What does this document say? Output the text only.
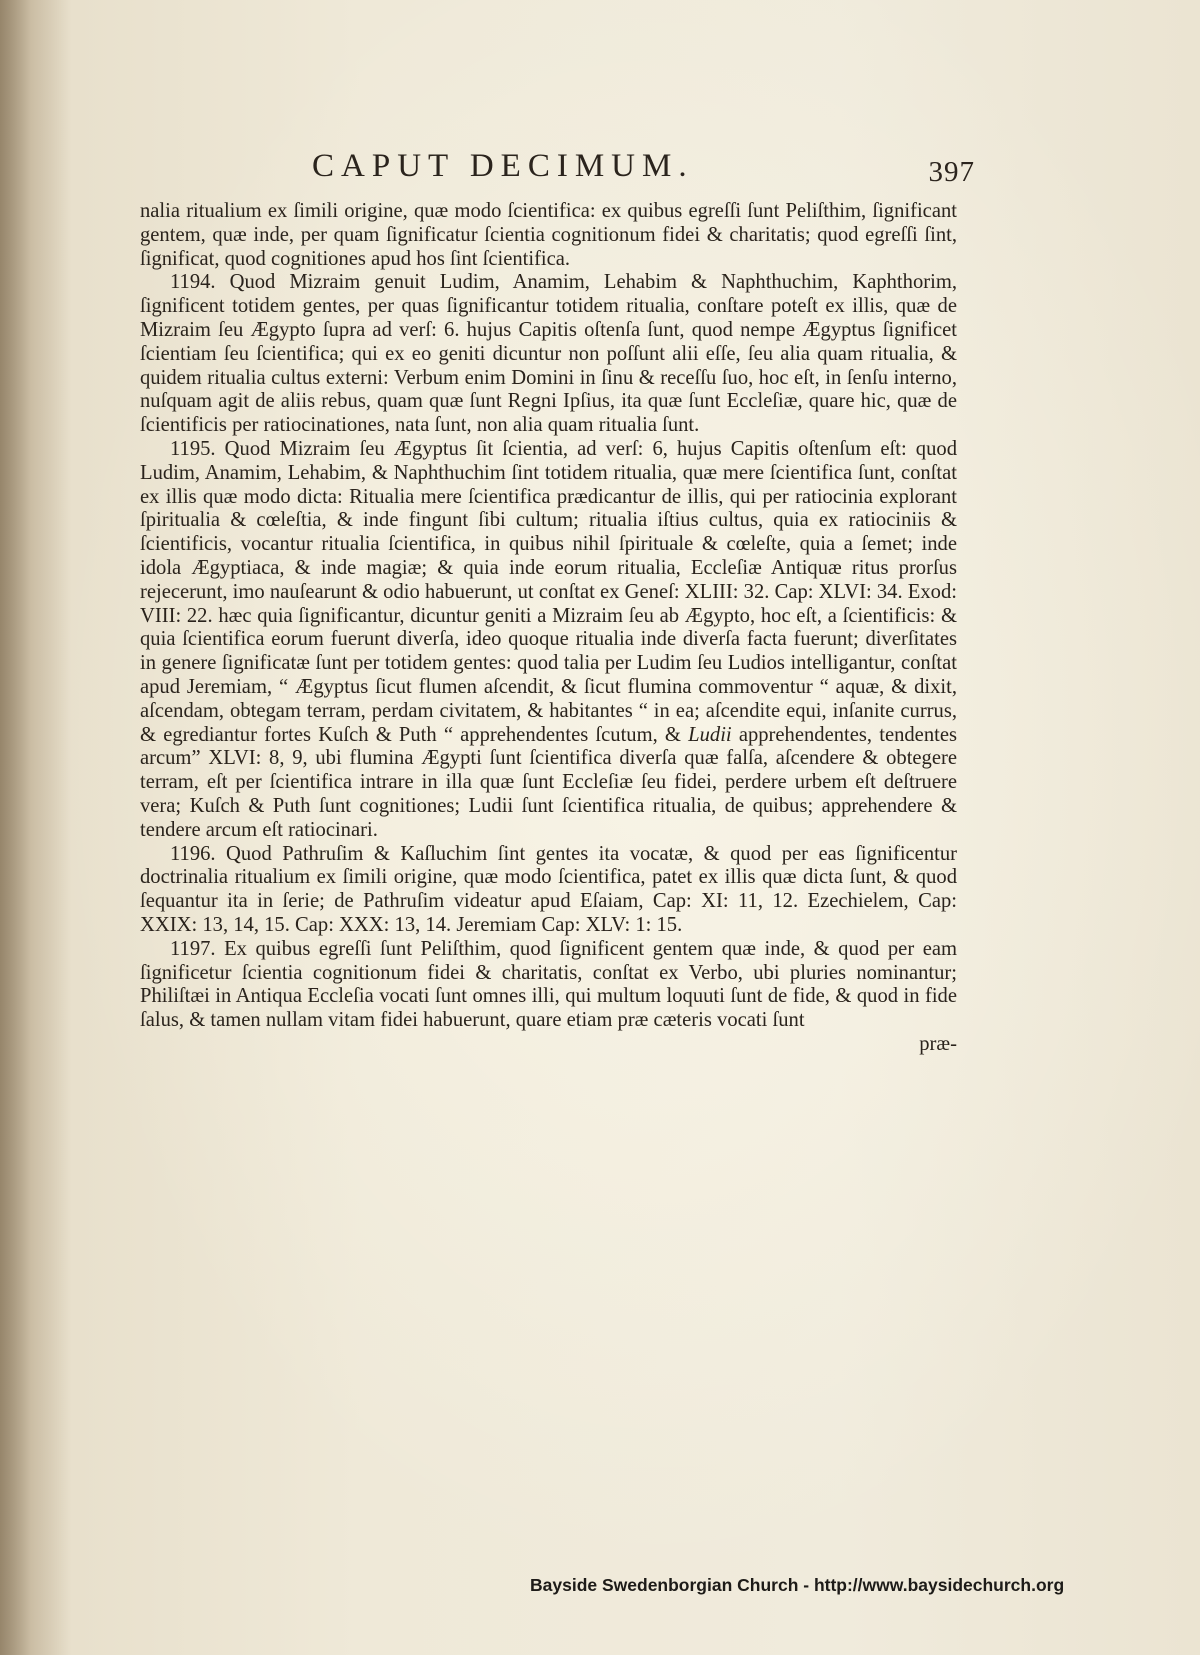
CAPUT DECIMUM.	397

nalia ritualium ex ſimili origine, quæ modo ſcientifica: ex quibus egreſſi ſunt Peliſthim, ſignificant gentem, quæ inde, per quam ſignificatur ſcientia cognitionum fidei & charitatis; quod egreſſi ſint, ſignificat, quod cognitiones apud hos ſint ſcientifica.

1194. Quod Mizraim genuit Ludim, Anamim, Lehabim & Naphthuchim, Kaphthorim, ſignificent totidem gentes, per quas ſignificantur totidem ritualia, conſtare poteſt ex illis, quæ de Mizraim ſeu Ægypto ſupra ad verſ: 6. hujus Capitis oſtenſa ſunt, quod nempe Ægyptus ſignificet ſcientiam ſeu ſcientifica; qui ex eo geniti dicuntur non poſſunt alii eſſe, ſeu alia quam ritualia, & quidem ritualia cultus externi: Verbum enim Domini in ſinu & receſſu ſuo, hoc eſt, in ſenſu interno, nuſquam agit de aliis rebus, quam quæ ſunt Regni Ipſius, ita quæ ſunt Eccleſiæ, quare hic, quæ de ſcientificis per ratiocinationes, nata ſunt, non alia quam ritualia ſunt.

1195. Quod Mizraim ſeu Ægyptus ſit ſcientia, ad verſ: 6, hujus Capitis oſtenſum eſt: quod Ludim, Anamim, Lehabim, & Naphthuchim ſint totidem ritualia, quæ mere ſcientifica ſunt, conſtat ex illis quæ modo dicta: Ritualia mere ſcientifica prædicantur de illis, qui per ratiocinia explorant ſpiritualia & cœleſtia, & inde fingunt ſibi cultum; ritualia iſtius cultus, quia ex ratiociniis & ſcientificis, vocantur ritualia ſcientifica, in quibus nihil ſpirituale & cœleſte, quia a ſemet; inde idola Ægyptiaca, & inde magiæ; & quia inde eorum ritualia, Eccleſiæ Antiquæ ritus prorſus rejecerunt, imo nauſearunt & odio habuerunt, ut conſtat ex Geneſ: XLIII: 32. Cap: XLVI: 34. Exod: VIII: 22. hæc quia ſignificantur, dicuntur geniti a Mizraim ſeu ab Ægypto, hoc eſt, a ſcientificis: & quia ſcientifica eorum fuerunt diverſa, ideo quoque ritualia inde diverſa facta fuerunt; diverſitates in genere ſignificatæ ſunt per totidem gentes: quod talia per Ludim ſeu Ludios intelligantur, conſtat apud Jeremiam, “ Ægyptus ſicut flumen aſcendit, & ſicut flumina commoventur “ aquæ, & dixit, aſcendam, obtegam terram, perdam civitatem, & habitantes “ in ea; aſcendite equi, inſanite currus, & egrediantur fortes Kuſch & Puth “ apprehendentes ſcutum, & Ludii apprehendentes, tendentes arcum” XLVI: 8, 9, ubi flumina Ægypti ſunt ſcientifica diverſa quæ falſa, aſcendere & obtegere terram, eſt per ſcientifica intrare in illa quæ ſunt Eccleſiæ ſeu fidei, perdere urbem eſt deſtruere vera; Kuſch & Puth ſunt cognitiones; Ludii ſunt ſcientifica ritualia, de quibus; apprehendere & tendere arcum eſt ratiocinari.

1196. Quod Pathruſim & Kaſluchim ſint gentes ita vocatæ, & quod per eas ſignificentur doctrinalia ritualium ex ſimili origine, quæ modo ſcientifica, patet ex illis quæ dicta ſunt, & quod ſequantur ita in ſerie; de Pathruſim videatur apud Eſaiam, Cap: XI: 11, 12. Ezechielem, Cap: XXIX: 13, 14, 15. Cap: XXX: 13, 14. Jeremiam Cap: XLV: 1: 15.

1197. Ex quibus egreſſi ſunt Peliſthim, quod ſignificent gentem quæ inde, & quod per eam ſignificetur ſcientia cognitionum fidei & charitatis, conſtat ex Verbo, ubi pluries nominantur; Philiſtæi in Antiqua Eccleſia vocati ſunt omnes illi, qui multum loquuti ſunt de fide, & quod in fide ſalus, & tamen nullam vitam fidei habuerunt, quare etiam præ cæteris vocati ſunt

præ-

Bayside Swedenborgian Church - http://www.baysidechurch.org
